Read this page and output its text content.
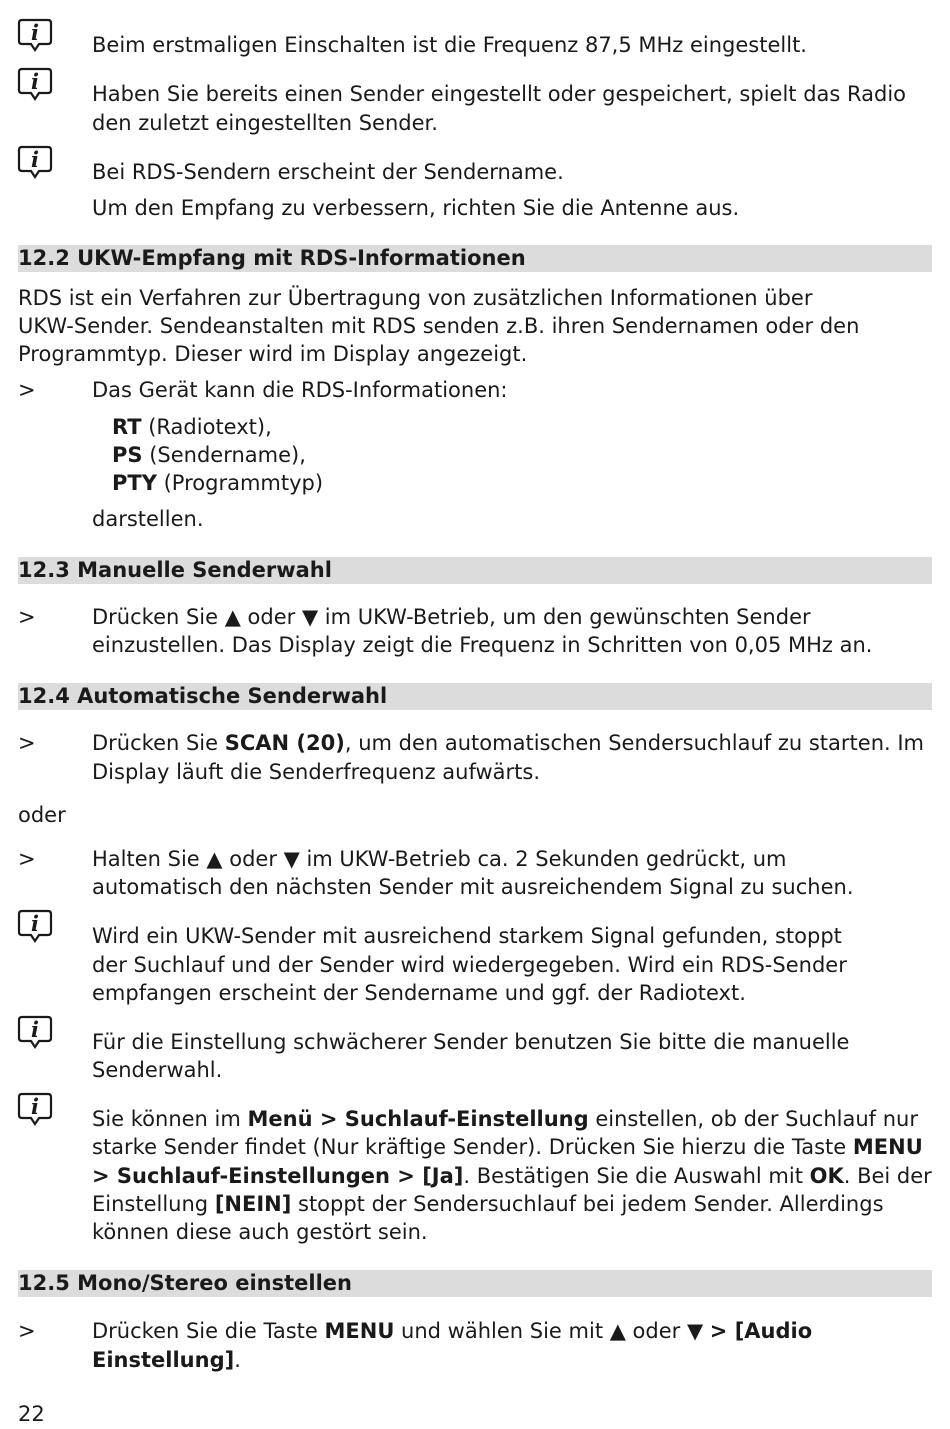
i	Beim erstmaligen Einschalten ist die Frequenz 87,5 MHz eingestellt.
i	Haben Sie bereits einen Sender eingestellt oder gespeichert, spielt das Radio
den zuletzt eingestellten Sender.
i	Bei RDS-Sendern erscheint der Sendername.
Um den Empfang zu verbessern, richten Sie die Antenne aus.
12.2 UKW-Empfang mit RDS-Informationen
RDS ist ein Verfahren zur Übertragung von zusätzlichen Informationen über
UKW-Sender. Sendeanstalten mit RDS senden z.B. ihren Sendernamen oder den
Programmtyp. Dieser wird im Display angezeigt.
>	Das Gerät kann die RDS-Informationen:
RT (Radiotext),
PS (Sendername),
PTY (Programmtyp)
darstellen.
12.3 Manuelle Senderwahl
>	Drücken Sie ▲ oder ▼ im UKW-Betrieb, um den gewünschten Sender
einzustellen. Das Display zeigt die Frequenz in Schritten von 0,05 MHz an.
12.4 Automatische Senderwahl
>	Drücken Sie SCAN (20), um den automatischen Sendersuchlauf zu starten. Im
Display läuft die Senderfrequenz aufwärts.
oder
>	Halten Sie ▲ oder ▼ im UKW-Betrieb ca. 2 Sekunden gedrückt, um
automatisch den nächsten Sender mit ausreichendem Signal zu suchen.
i	Wird ein UKW-Sender mit ausreichend starkem Signal gefunden, stoppt
der Suchlauf und der Sender wird wiedergegeben. Wird ein RDS-Sender
empfangen erscheint der Sendername und ggf. der Radiotext.
i	Für die Einstellung schwächerer Sender benutzen Sie bitte die manuelle
Senderwahl.
i	Sie können im Menü > Suchlauf-Einstellung einstellen, ob der Suchlauf nur
starke Sender findet (Nur kräftige Sender). Drücken Sie hierzu die Taste MENU
> Suchlauf-Einstellungen > [Ja]. Bestätigen Sie die Auswahl mit OK. Bei der
Einstellung [NEIN] stoppt der Sendersuchlauf bei jedem Sender. Allerdings
können diese auch gestört sein.
12.5 Mono/Stereo einstellen
>	Drücken Sie die Taste MENU und wählen Sie mit ▲ oder ▼ > [Audio
Einstellung].
22
